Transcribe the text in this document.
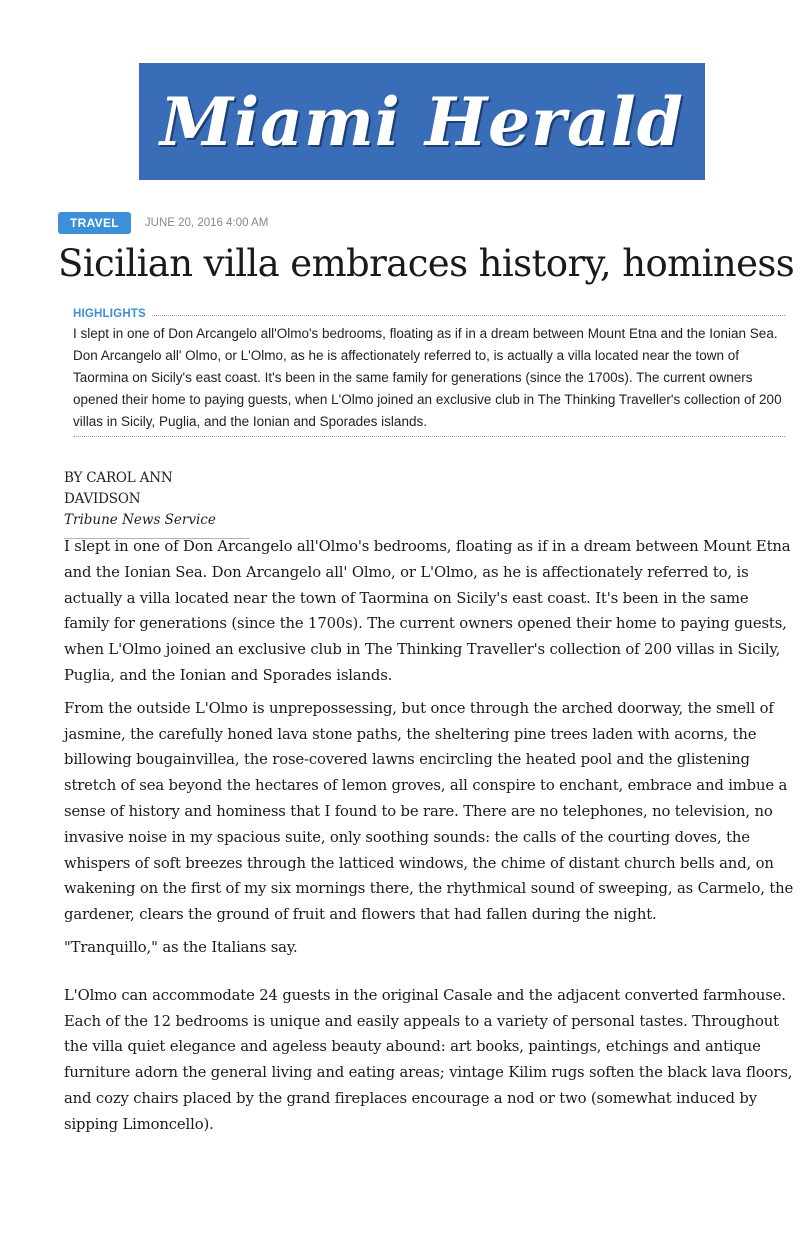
Miami Herald
TRAVEL	JUNE 20, 2016 4:00 AM
Sicilian villa embraces history, hominess
HIGHLIGHTS

I slept in one of Don Arcangelo all'Olmo's bedrooms, floating as if in a dream between Mount Etna and the Ionian Sea. Don Arcangelo all' Olmo, or L'Olmo, as he is affectionately referred to, is actually a villa located near the town of Taormina on Sicily's east coast. It's been in the same family for generations (since the 1700s). The current owners opened their home to paying guests, when L'Olmo joined an exclusive club in The Thinking Traveller's collection of 200 villas in Sicily, Puglia, and the Ionian and Sporades islands.

BY CAROL ANN DAVIDSON
Tribune News Service

I slept in one of Don Arcangelo all'Olmo's bedrooms, floating as if in a dream between Mount Etna and the Ionian Sea. Don Arcangelo all' Olmo, or L'Olmo, as he is affectionately referred to, is actually a villa located near the town of Taormina on Sicily's east coast. It's been in the same family for generations (since the 1700s). The current owners opened their home to paying guests, when L'Olmo joined an exclusive club in The Thinking Traveller's collection of 200 villas in Sicily, Puglia, and the Ionian and Sporades islands.

From the outside L'Olmo is unprepossessing, but once through the arched doorway, the smell of jasmine, the carefully honed lava stone paths, the sheltering pine trees laden with acorns, the billowing bougainvillea, the rose-covered lawns encircling the heated pool and the glistening stretch of sea beyond the hectares of lemon groves, all conspire to enchant, embrace and imbue a sense of history and hominess that I found to be rare. There are no telephones, no television, no invasive noise in my spacious suite, only soothing sounds: the calls of the courting doves, the whispers of soft breezes through the latticed windows, the chime of distant church bells and, on wakening on the first of my six mornings there, the rhythmical sound of sweeping, as Carmelo, the gardener, clears the ground of fruit and flowers that had fallen during the night.

"Tranquillo," as the Italians say.

L'Olmo can accommodate 24 guests in the original Casale and the adjacent converted farmhouse. Each of the 12 bedrooms is unique and easily appeals to a variety of personal tastes. Throughout the villa quiet elegance and ageless beauty abound: art books, paintings, etchings and antique furniture adorn the general living and eating areas; vintage Kilim rugs soften the black lava floors, and cozy chairs placed by the grand fireplaces encourage a nod or two (somewhat induced by sipping Limoncello).
